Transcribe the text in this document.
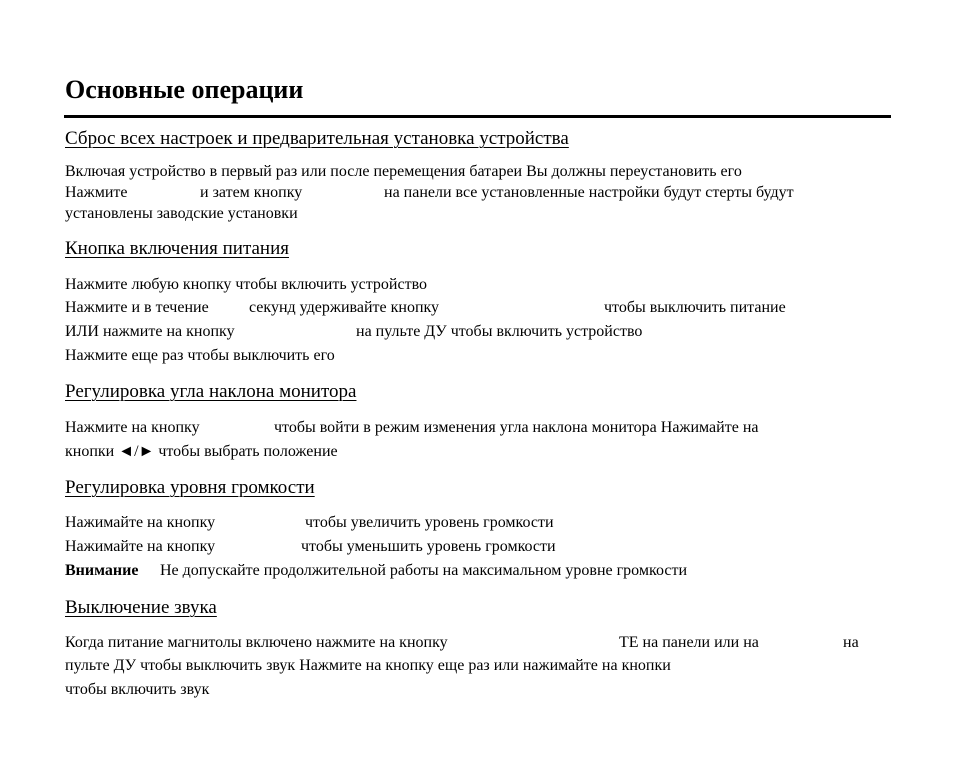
Основные операции
Сброс всех настроек и предварительная установка устройства
Включая устройство в первый раз или после перемещения батареи Вы должны переустановить его
Нажмите	и затем кнопку	на панели все установленные настройки будут стерты будут
установлены заводские установки
Кнопка включения питания
Нажмите любую кнопку чтобы включить устройство
Нажмите и в течение	секунд удерживайте кнопку	чтобы выключить питание
ИЛИ нажмите на кнопку	на пульте ДУ чтобы включить устройство
Нажмите еще раз чтобы выключить его
Регулировка угла наклона монитора
Нажмите на кнопку	чтобы войти в режим изменения угла наклона монитора Нажимайте на
кнопки ◄/► чтобы выбрать положение
Регулировка уровня громкости
Нажимайте на кнопку	чтобы увеличить уровень громкости
Нажимайте на кнопку	чтобы уменьшить уровень громкости
Внимание Не допускайте продолжительной работы на максимальном уровне громкости
Выключение звука
Когда питание магнитолы включено нажмите на кнопку	TE на панели или на	на
пульте ДУ чтобы выключить звук Нажмите на кнопку еще раз или нажимайте на кнопки
чтобы включить звук
